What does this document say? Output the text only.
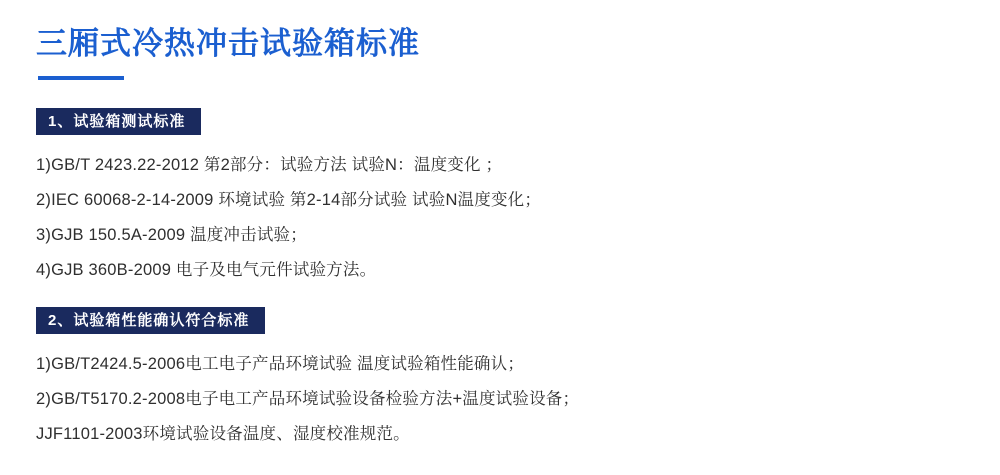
三厢式冷热冲击试验箱标准
1、试验箱测试标准
1)GB/T 2423.22-2012 第2部分：试验方法 试验N：温度变化 ；
2)IEC 60068-2-14-2009 环境试验 第2-14部分试验 试验N温度变化；
3)GJB 150.5A-2009 温度冲击试验；
4)GJB 360B-2009 电子及电气元件试验方法。
2、试验箱性能确认符合标准
1)GB/T2424.5-2006电工电子产品环境试验 温度试验箱性能确认；
2)GB/T5170.2-2008电子电工产品环境试验设备检验方法+温度试验设备；
JJF1101-2003环境试验设备温度、湿度校准规范。
